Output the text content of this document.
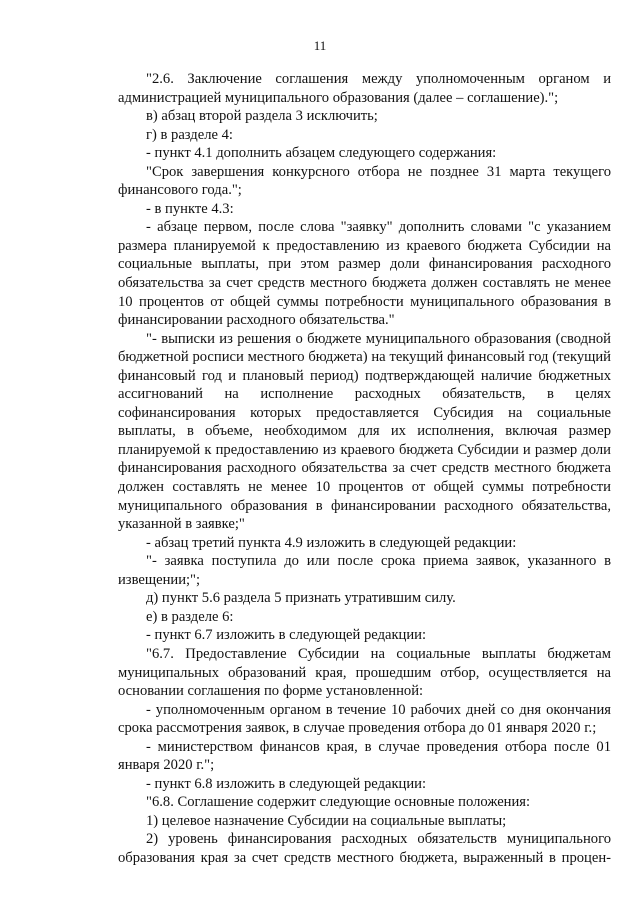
11

"2.6. Заключение соглашения между уполномоченным органом и администрацией муниципального образования (далее – соглашение).";

в) абзац второй раздела 3 исключить;

г) в разделе 4:

- пункт 4.1 дополнить абзацем следующего содержания:

"Срок завершения конкурсного отбора не позднее 31 марта текущего финансового года.";

- в пункте 4.3:

- абзаце первом, после слова "заявку" дополнить словами "с указанием размера планируемой к предоставлению из краевого бюджета Субсидии на социальные выплаты, при этом размер доли финансирования расходного обязательства за счет средств местного бюджета должен составлять не менее 10 процентов от общей суммы потребности муниципального образования в финансировании расходного обязательства."

"- выписки из решения о бюджете муниципального образования (сводной бюджетной росписи местного бюджета) на текущий финансовый год (текущий финансовый год и плановый период) подтверждающей наличие бюджетных ассигнований на исполнение расходных обязательств, в целях софинансирования которых предоставляется Субсидия на социальные выплаты, в объеме, необходимом для их исполнения, включая размер планируемой к предоставлению из краевого бюджета Субсидии и размер доли финансирования расходного обязательства за счет средств местного бюджета должен составлять не менее 10 процентов от общей суммы потребности муниципального образования в финансировании расходного обязательства, указанной в заявке;"

- абзац третий пункта 4.9 изложить в следующей редакции:

"- заявка поступила до или после срока приема заявок, указанного в извещении;";

д) пункт 5.6 раздела 5 признать утратившим силу.

е) в разделе 6:

- пункт 6.7 изложить в следующей редакции:

"6.7. Предоставление Субсидии на социальные выплаты бюджетам муниципальных образований края, прошедшим отбор, осуществляется на основании соглашения по форме установленной:

- уполномоченным органом в течение 10 рабочих дней со дня окончания срока рассмотрения заявок, в случае проведения отбора до 01 января 2020 г.;

- министерством финансов края, в случае проведения отбора после 01 января 2020 г.";

- пункт 6.8 изложить в следующей редакции:

"6.8. Соглашение содержит следующие основные положения:

1) целевое назначение Субсидии на социальные выплаты;

2) уровень финансирования расходных обязательств муниципального образования края за счет средств местного бюджета, выраженный в процен-
